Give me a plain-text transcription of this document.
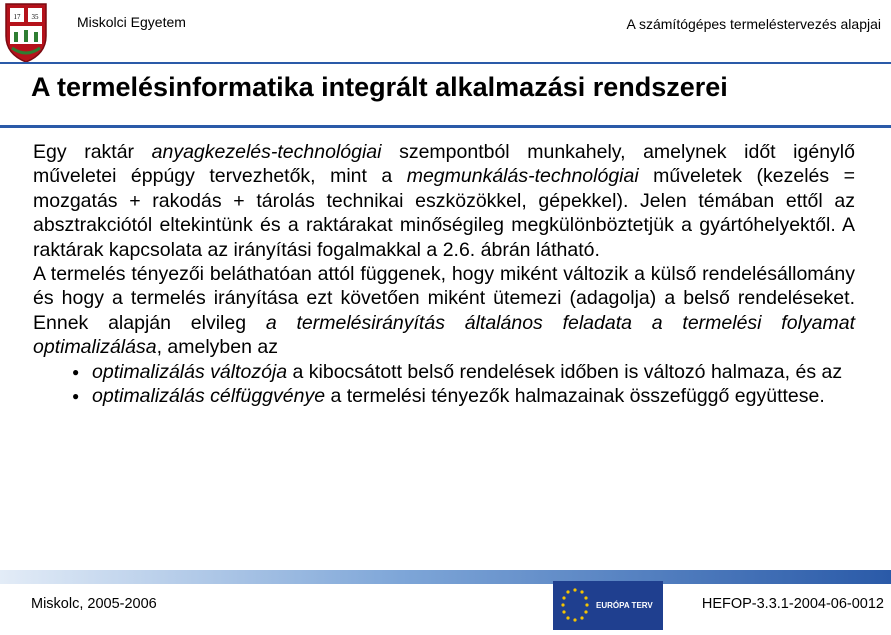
17 35	Miskolci Egyetem	A számítógépes termeléstervezés alapjai
A termelésinformatika integrált alkalmazási rendszerei

Egy raktár anyagkezelés-technológiai szempontból munkahely, amelynek időt igénylő műveletei éppúgy tervezhetők, mint a megmunkálás-technológiai műveletek (kezelés = mozgatás + rakodás + tárolás technikai eszközökkel, gépekkel). Jelen témában ettől az absztrakciótól eltekintünk és a raktárakat minőségileg megkülönböztetjük a gyártóhelyektől. A raktárak kapcsolata az irányítási fogalmakkal a 2.6. ábrán látható.

A termelés tényezői beláthatóan attól függenek, hogy miként változik a külső rendelésállomány és hogy a termelés irányítása ezt követően miként ütemezi (adagolja) a belső rendeléseket. Ennek alapján elvileg a termelésirányítás általános feladata a termelési folyamat optimalizálása, amelyben az

● optimalizálás változója a kibocsátott belső rendelések időben is változó halmaza, és az
● optimalizálás célfüggvénye a termelési tényezők halmazainak összefüggő együttese.
Miskolc, 2005-2006	EURÓPA TERV	HEFOP-3.3.1-2004-06-0012
